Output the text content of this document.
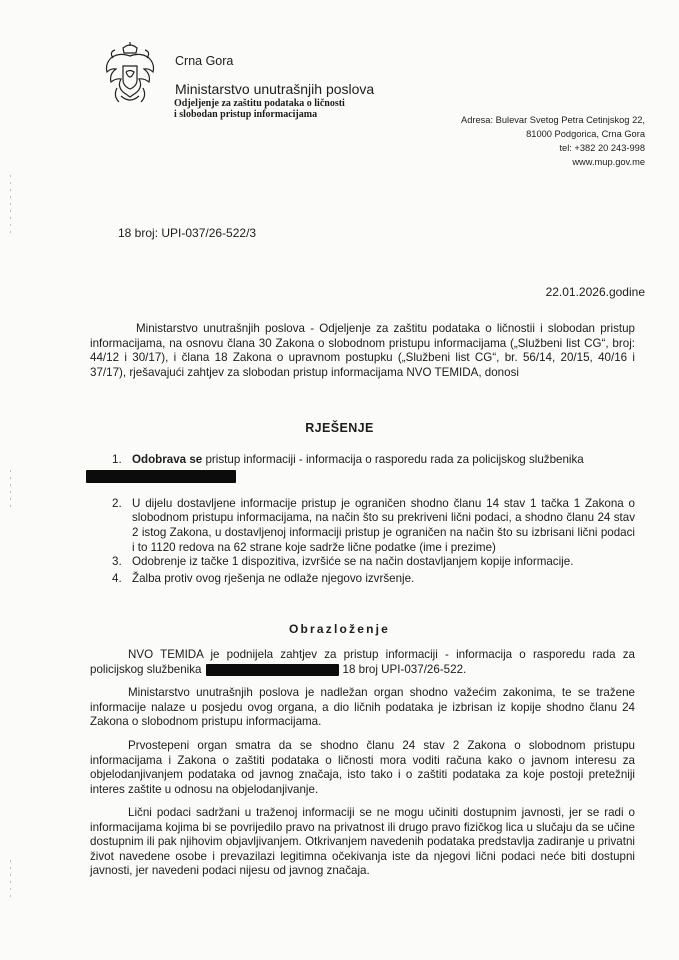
Crna Gora
Ministarstvo unutrašnjih poslova
Odjeljenje za zaštitu podataka o ličnosti
i slobodan pristup informacijama	Adresa: Bulevar Svetog Petra Cetinjskog 22,
81000 Podgorica, Crna Gora
tel: +382 20 243-998
www.mup.gov.me
18 broj: UPI-037/26-522/3
22.01.2026.godine
Ministarstvo unutrašnjih poslova - Odjeljenje za zaštitu podataka o ličnostii i slobodan pristup informacijama, na osnovu člana 30 Zakona o slobodnom pristupu informacijama („Službeni list CG“, broj: 44/12 i 30/17), i člana 18 Zakona o upravnom postupku („Službeni list CG“, br. 56/14, 20/15, 40/16 i 37/17), rješavajući zahtjev za slobodan pristup informacijama NVO TEMIDA, donosi
RJEŠENJE
1. Odobrava se pristup informaciji - informacija o rasporedu rada za policijskog službenika

2. U dijelu dostavljene informacije pristup je ograničen shodno članu 14 stav 1 tačka 1 Zakona o slobodnom pristupu informacijama, na način što su prekriveni lični podaci, a shodno članu 24 stav 2 istog Zakona, u dostavljenoj informaciji pristup je ograničen na način što su izbrisani lični podaci i to 1120 redova na 62 strane koje sadrže lične podatke (ime i prezime)
3. Odobrenje iz tačke 1 dispozitiva, izvršiće se na način dostavljanjem kopije informacije.
4. Žalba protiv ovog rješenja ne odlaže njegovo izvršenje.
Obrazloženje
NVO TEMIDA je podnijela zahtjev za pristup informaciji - informacija o rasporedu rada za policijskog službenika	18 broj UPI-037/26-522.
Ministarstvo unutrašnjih poslova je nadležan organ shodno važećim zakonima, te se tražene informacije nalaze u posjedu ovog organa, a dio ličnih podataka je izbrisan iz kopije shodno članu 24 Zakona o slobodnom pristupu informacijama.
Prvostepeni organ smatra da se shodno članu 24 stav 2 Zakona o slobodnom pristupu informacijama i Zakona o zaštiti podataka o ličnosti mora voditi računa kako o javnom interesu za objelodanjivanjem podataka od javnog značaja, isto tako i o zaštiti podataka za koje postoji pretežniji interes zaštite u odnosu na objelodanjivanje.
Lični podaci sadržani u traženoj informaciji se ne mogu učiniti dostupnim javnosti, jer se radi o informacijama kojima bi se povrijedilo pravo na privatnost ili drugo pravo fizičkog lica u slučaju da se učine dostupnim ili pak njihovim objavljivanjem. Otkrivanjem navedenih podataka predstavlja zadiranje u privatni život navedene osobe i prevazilazi legitimna očekivanja iste da njegovi lični podaci neće biti dostupni javnosti, jer navedeni podaci nijesu od javnog značaja.
